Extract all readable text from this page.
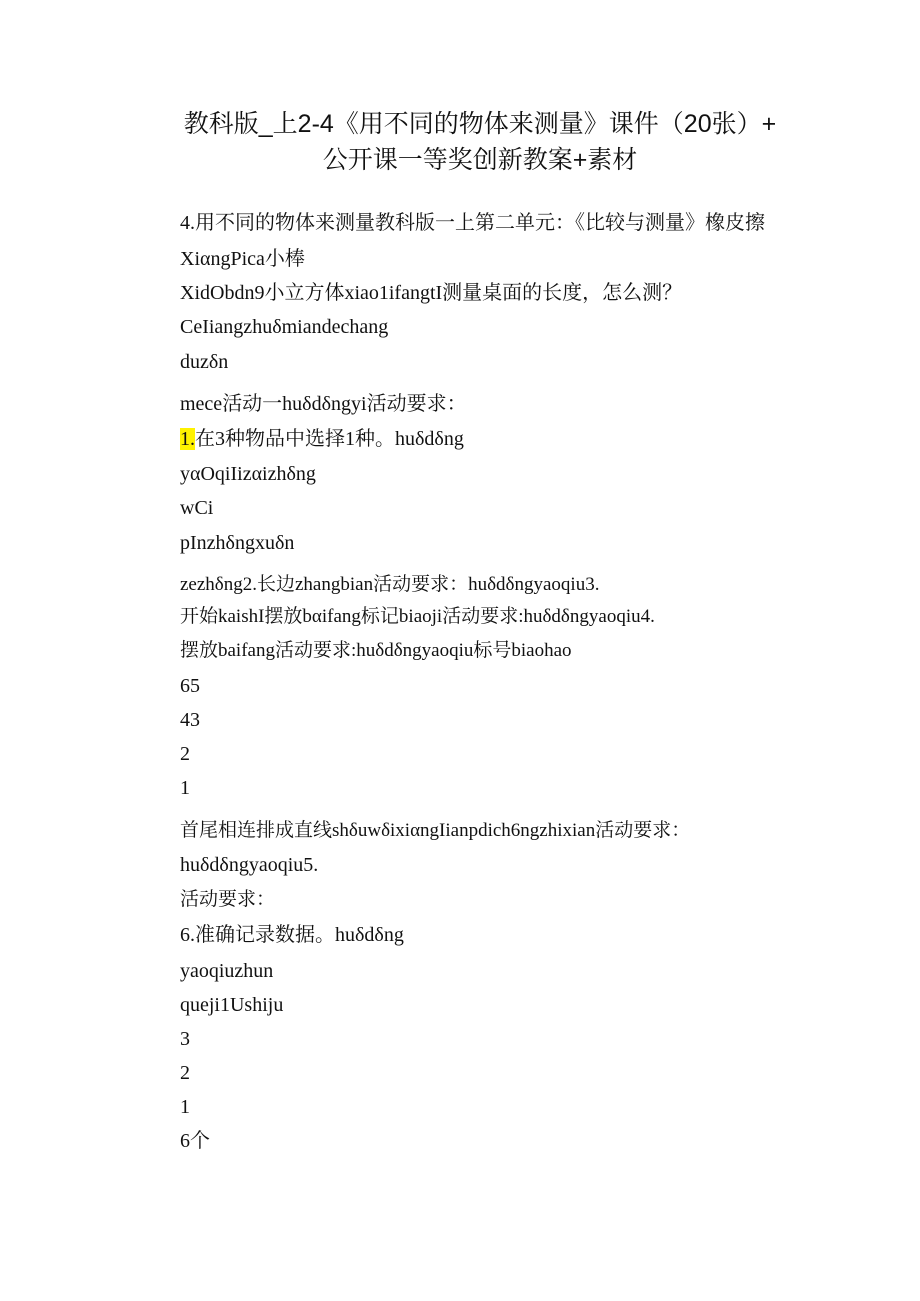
教科版_上2-4《用不同的物体来测量》课件（20张）+
公开课一等奖创新教案+素材
4.用不同的物体来测量教科版一上第二单元：《比较与测量》橡皮擦
XiαngPica小棒
XidObdn9小立方体xiao1ifangtI测量桌面的长度，怎么测？
CeIiangzhuδmiandechang
duzδn
mece活动一huδdδngyi活动要求：
1.在3种物品中选择1种。huδdδng
yαOqiIizαizhδng
wCi
pInzhδngxuδn
zezhδng2.长边zhangbian活动要求：huδdδngyaoqiu3.
开始kaishI摆放bαifang标记biaoji活动要求:huδdδngyaoqiu4.
摆放baifang活动要求:huδdδngyaoqiu标号biaohao
65
43
2
1
首尾相连排成直线shδuwδixiαngIianpdich6ngzhixian活动要求：
huδdδngyaoqiu5.
活动要求：
6.准确记录数据。huδdδng
yaoqiuzhun
queji1Ushiju
3
2
1
6个
